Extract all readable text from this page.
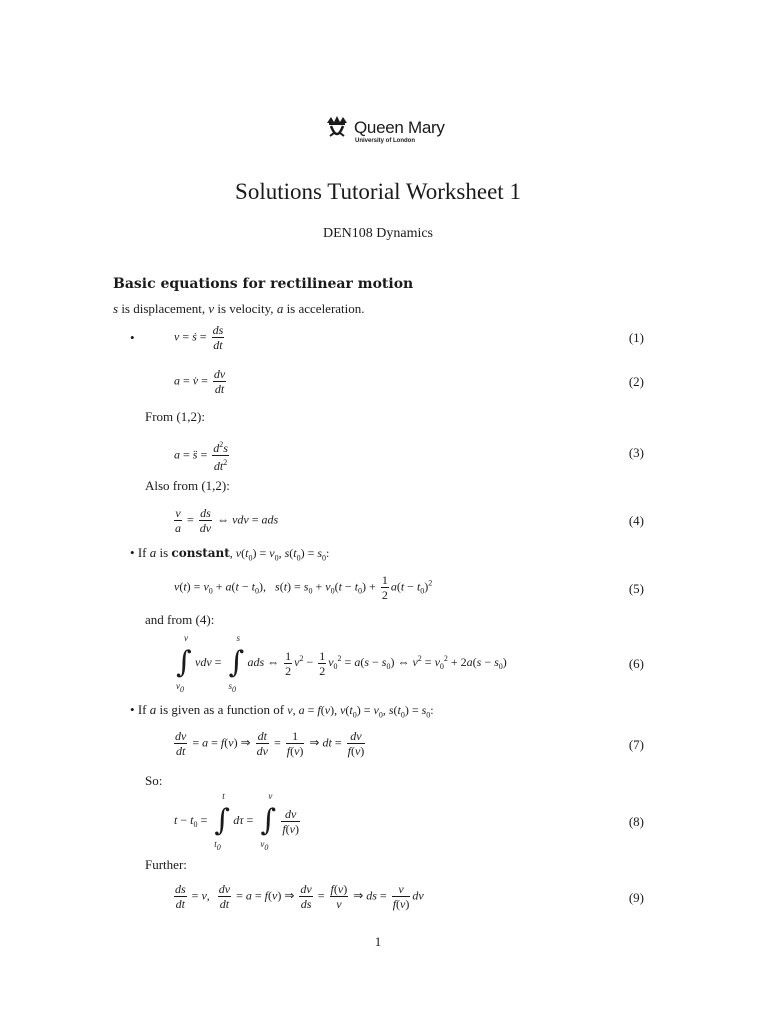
Queen Mary
University of London
Solutions Tutorial Worksheet 1
DEN108 Dynamics
Basic equations for rectilinear motion
s is displacement, v is velocity, a is acceleration.
•	v = ṡ = $\frac{ds}{dt}$	(1)
a = v̇ = $\frac{dv}{dt}$	(2)
From (1,2):
a = s̈ = $\frac{d^2s}{dt^2}$	(3)
Also from (1,2):
$\frac{v}{a} = \frac{ds}{dv}$ ⇔ vdv = ads	(4)
• If a is constant, $v(t_0) = v_0$, $s(t_0) = s_0$:
$v(t) = v_0 + a(t - t_0)$,   $s(t) = s_0 + v_0(t - t_0) + \frac{1}{2} a(t - t_0)^2$	(5)
and from (4):
∫
v
$v_0$
vdv = ∫
s
$s_0$
ads ⇔ $\frac{1}{2} v^2 - \frac{1}{2} v_0^2 = a(s - s_0)$ ⇔ $v^2 = v_0^2 + 2a(s - s_0)$	(6)
• If a is given as a function of v, a = f(v), $v(t_0) = v_0$, $s(t_0) = s_0$:
$\frac{dv}{dt} = a = f(v)$ ⇒ $\frac{dt}{dv} = \frac{1}{f(v)}$ ⇒ dt = $\frac{dv}{f(v)}$	(7)
So:
$t - t_0$ = ∫
t
$t_0$
dτ = ∫
v
$v_0$

$\frac{d\nu}{f(\nu)}$	(8)
Further:
$\frac{ds}{dt} = v$, $\frac{dv}{dt} = a = f(v)$ ⇒ $\frac{dv}{ds} = \frac{f(v)}{v}$ ⇒ ds = $\frac{v}{f(v)}$ dv	(9)
1
